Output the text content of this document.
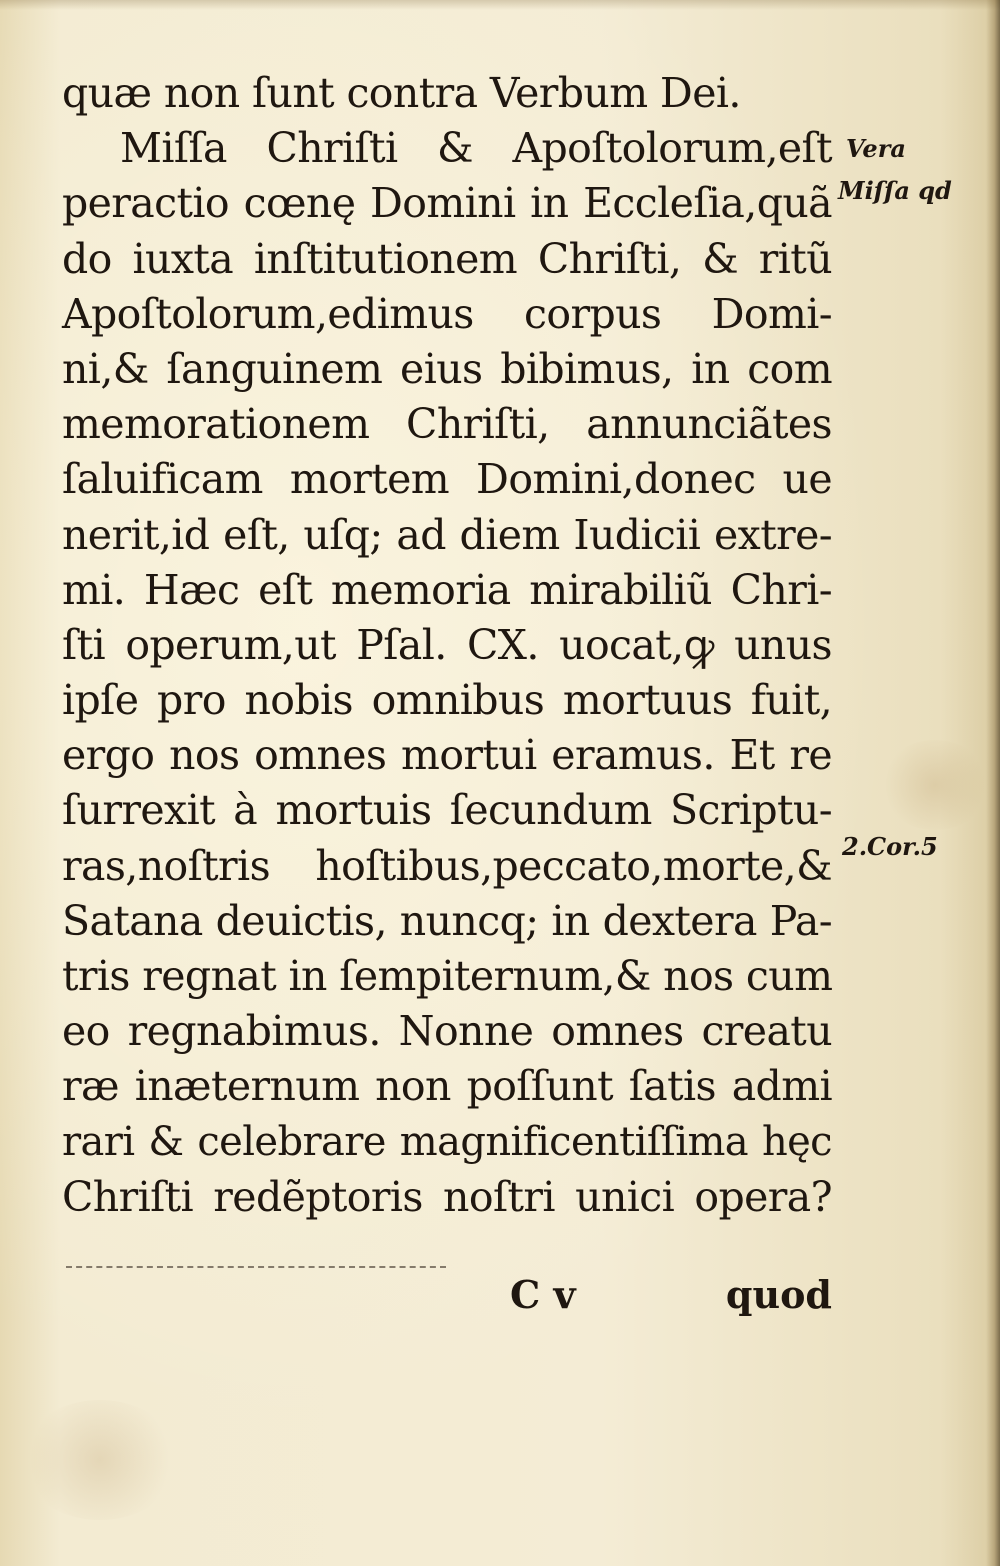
quæ non ſunt contra Verbum Dei.
Miſſa Chriſti & Apoſtolorum,eſt
peractio cœnę Domini in Eccleſia,quã
do iuxta inſtitutionem Chriſti, & ritũ
Apoſtolorum,edimus corpus Domi-
ni,& ſanguinem eius bibimus, in com
memorationem Chriſti, annunciãtes
ſaluificam mortem Domini,donec ue
nerit,id eſt, uſq; ad diem Iudicii extre-
mi. Hæc eſt memoria mirabiliũ Chri-
ſti operum,ut Pſal. CX. uocat,ꝙ unus
ipſe pro nobis omnibus mortuus fuit,
ergo nos omnes mortui eramus. Et re
ſurrexit à mortuis ſecundum Scriptu-
ras,noſtris hoſtibus,peccato,morte,&
Satana deuictis, nuncq; in dextera Pa-
tris regnat in ſempiternum,& nos cum
eo regnabimus. Nonne omnes creatu
ræ inæternum non poſſunt ſatis admi
rari & celebrare magnificentiſſima hęc
Chriſti redẽptoris noſtri unici opera?
C v	quod
Vera
Miſſa qd
2.Cor.5
